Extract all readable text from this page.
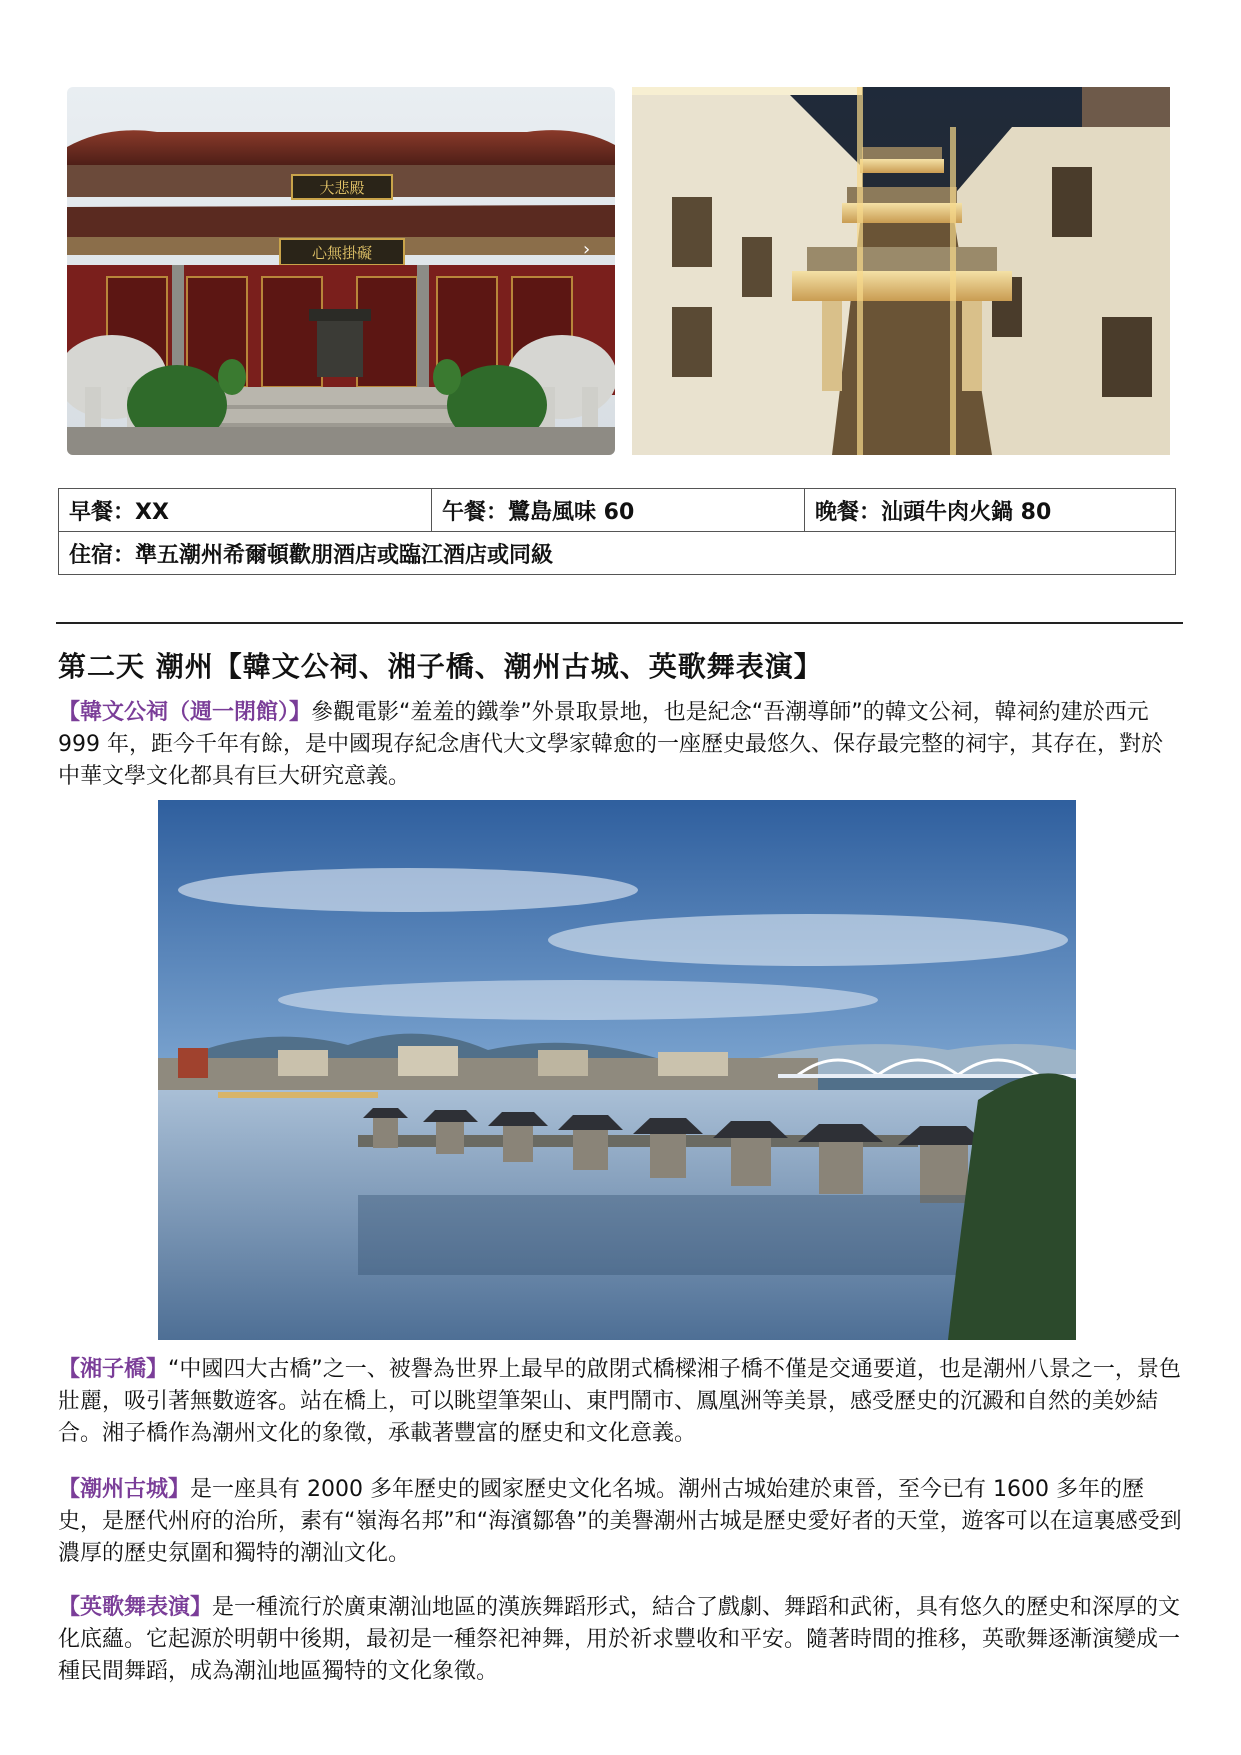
大悲殿
心無掛礙	›
早餐：XX	午餐：鷺島風味 60	晚餐：汕頭牛肉火鍋 80
住宿：準五潮州希爾頓歡朋酒店或臨江酒店或同級
第二天 潮州【韓文公祠、湘子橋、潮州古城、英歌舞表演】

【韓文公祠（週一閉館）】參觀電影“羞羞的鐵拳”外景取景地，也是紀念“吾潮導師”的韓文公祠，韓祠約建於西元 999 年，距今千年有餘，是中國現存紀念唐代大文學家韓愈的一座歷史最悠久、保存最完整的祠宇，其存在，對於中華文學文化都具有巨大研究意義。

【湘子橋】“中國四大古橋”之一、被譽為世界上最早的啟閉式橋樑湘子橋不僅是交通要道，也是潮州八景之一，景色壯麗，吸引著無數遊客。站在橋上，可以眺望筆架山、東門鬧市、鳳凰洲等美景，感受歷史的沉澱和自然的美妙結合。湘子橋作為潮州文化的象徵，承載著豐富的歷史和文化意義。

【潮州古城】是一座具有 2000 多年歷史的國家歷史文化名城。潮州古城始建於東晉，至今已有 1600 多年的歷史，是歷代州府的治所，素有“嶺海名邦”和“海濱鄒魯”的美譽潮州古城是歷史愛好者的天堂，遊客可以在這裏感受到濃厚的歷史氛圍和獨特的潮汕文化。

【英歌舞表演】是一種流行於廣東潮汕地區的漢族舞蹈形式，結合了戲劇、舞蹈和武術，具有悠久的歷史和深厚的文化底蘊。它起源於明朝中後期，最初是一種祭祀神舞，用於祈求豐收和平安。隨著時間的推移，英歌舞逐漸演變成一種民間舞蹈，成為潮汕地區獨特的文化象徵。
